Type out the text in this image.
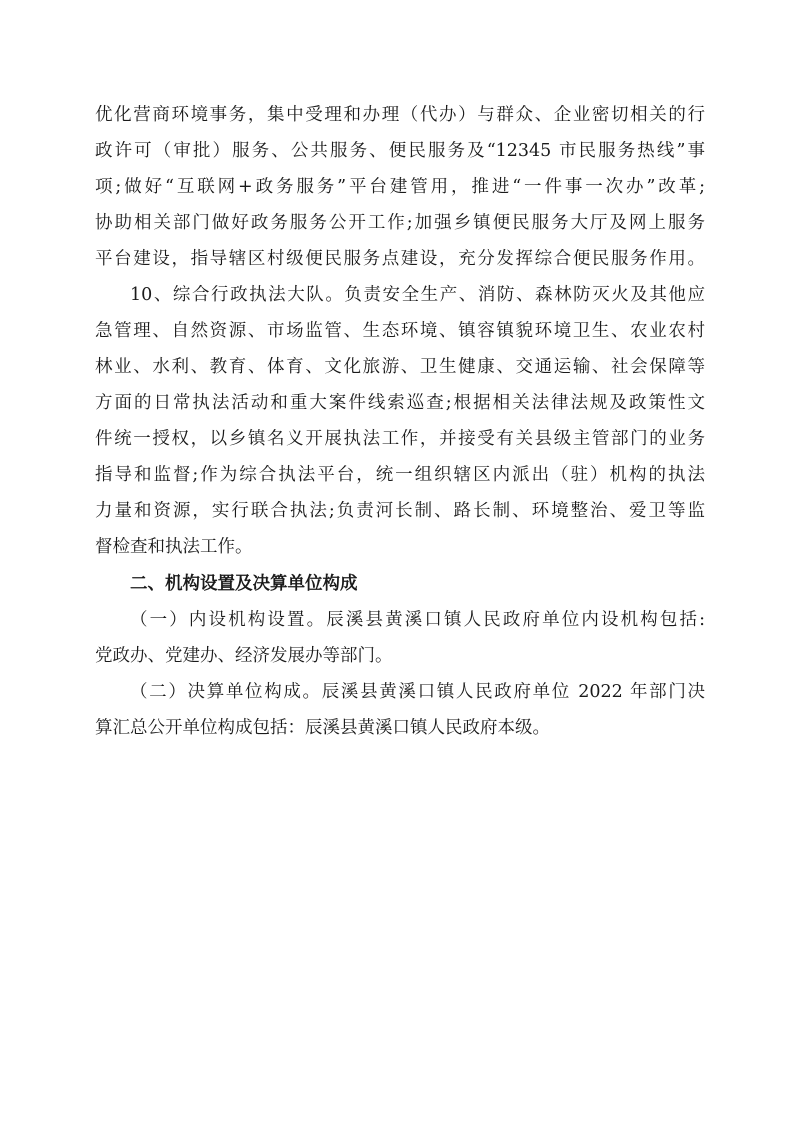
优化营商环境事务，集中受理和办理（代办）与群众、企业密切相关的行
政许可（审批）服务、公共服务、便民服务及“12345 市民服务热线”事
项;做好“互联网+政务服务”平台建管用，推进“一件事一次办”改革;
协助相关部门做好政务服务公开工作;加强乡镇便民服务大厅及网上服务
平台建设，指导辖区村级便民服务点建设，充分发挥综合便民服务作用。
10、综合行政执法大队。负责安全生产、消防、森林防灭火及其他应
急管理、自然资源、市场监管、生态环境、镇容镇貌环境卫生、农业农村
林业、水利、教育、体育、文化旅游、卫生健康、交通运输、社会保障等
方面的日常执法活动和重大案件线索巡查;根据相关法律法规及政策性文
件统一授权，以乡镇名义开展执法工作，并接受有关县级主管部门的业务
指导和监督;作为综合执法平台，统一组织辖区内派出（驻）机构的执法
力量和资源，实行联合执法;负责河长制、路长制、环境整治、爱卫等监
督检查和执法工作。
二、机构设置及决算单位构成
（一）内设机构设置。辰溪县黄溪口镇人民政府单位内设机构包括:
党政办、党建办、经济发展办等部门。
（二）决算单位构成。辰溪县黄溪口镇人民政府单位 2022 年部门决
算汇总公开单位构成包括：辰溪县黄溪口镇人民政府本级。
